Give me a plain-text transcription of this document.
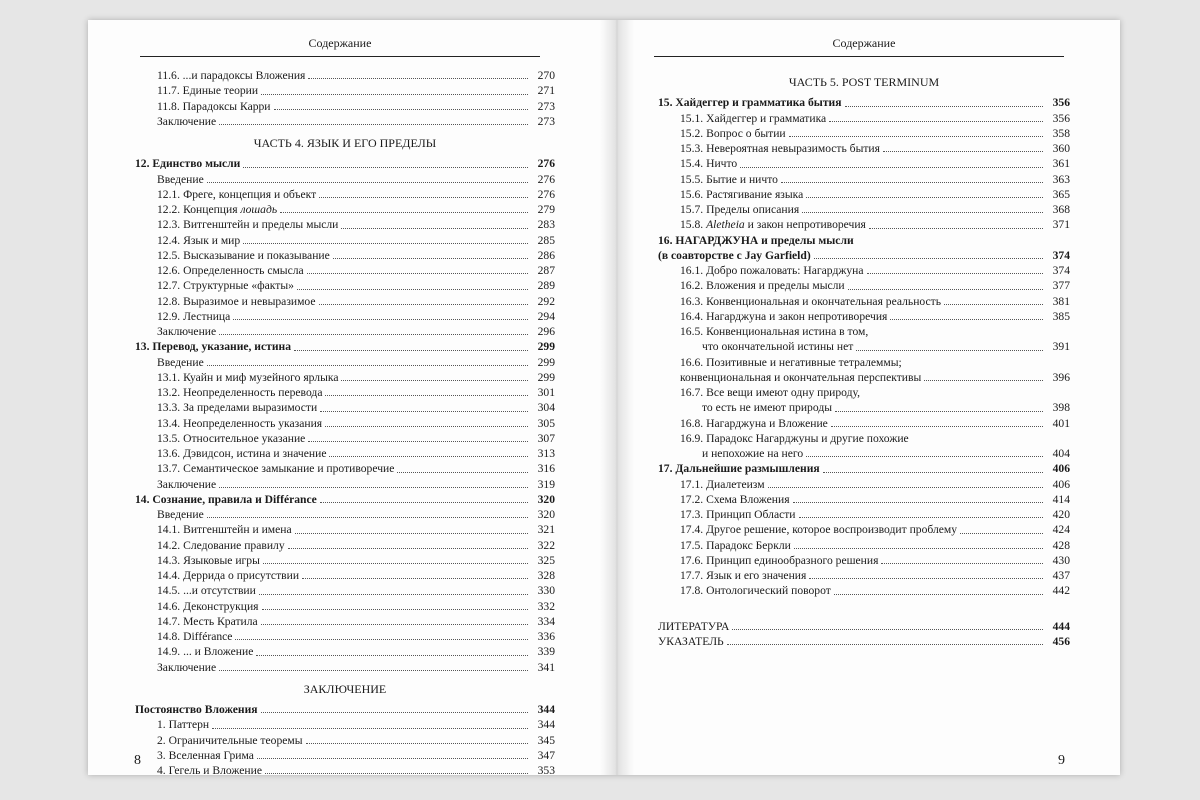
Содержание
11.6. ...и парадоксы Вложения	270
11.7. Единые теории	271
11.8. Парадоксы Карри	273
Заключение	273
ЧАСТЬ 4. ЯЗЫК И ЕГО ПРЕДЕЛЫ
12. Единство мысли	276
Введение	276
12.1. Фреге, концепция и объект	276
12.2. Концепция лошадь	279
12.3. Витгенштейн и пределы мысли	283
12.4. Язык и мир	285
12.5. Высказывание и показывание	286
12.6. Определенность смысла	287
12.7. Структурные «факты»	289
12.8. Выразимое и невыразимое	292
12.9. Лестница	294
Заключение	296
13. Перевод, указание, истина	299
Введение	299
13.1. Куайн и миф музейного ярлыка	299
13.2. Неопределенность перевода	301
13.3. За пределами выразимости	304
13.4. Неопределенность указания	305
13.5. Относительное указание	307
13.6. Дэвидсон, истина и значение	313
13.7. Семантическое замыкание и противоречие	316
Заключение	319
14. Сознание, правила и Différance	320
Введение	320
14.1. Витгенштейн и имена	321
14.2. Следование правилу	322
14.3. Языковые игры	325
14.4. Деррида о присутствии	328
14.5. ...и отсутствии	330
14.6. Деконструкция	332
14.7. Месть Кратила	334
14.8. Différance	336
14.9. ... и Вложение	339
Заключение	341
ЗАКЛЮЧЕНИЕ
Постоянство Вложения	344
1. Паттерн	344
2. Ограничительные теоремы	345
3. Вселенная Грима	347
4. Гегель и Вложение	353
8
Содержание
ЧАСТЬ 5. POST TERMINUM
15. Хайдеггер и грамматика бытия	356
15.1. Хайдеггер и грамматика	356
15.2. Вопрос о бытии	358
15.3. Невероятная невыразимость бытия	360
15.4. Ничто	361
15.5. Бытие и ничто	363
15.6. Растягивание языка	365
15.7. Пределы описания	368
15.8. Aletheia и закон непротиворечия	371
16. НАГАРДЖУНА и пределы мысли
(в соавторстве с Jay Garfield)	374
16.1. Добро пожаловать: Нагарджуна	374
16.2. Вложения и пределы мысли	377
16.3. Конвенциональная и окончательная реальность	381
16.4. Нагарджуна и закон непротиворечия	385
16.5. Конвенциональная истина в том,
что окончательной истины нет	391
16.6. Позитивные и негативные тетралеммы;
конвенциональная и окончательная перспективы	396
16.7. Все вещи имеют одну природу,
то есть не имеют природы	398
16.8. Нагарджуна и Вложение	401
16.9. Парадокс Нагарджуны и другие похожие
и непохожие на него	404
17. Дальнейшие размышления	406
17.1. Диалетеизм	406
17.2. Схема Вложения	414
17.3. Принцип Области	420
17.4. Другое решение, которое воспроизводит проблему	424
17.5. Парадокс Беркли	428
17.6. Принцип единообразного решения	430
17.7. Язык и его значения	437
17.8. Онтологический поворот	442
ЛИТЕРАТУРА	444
УКАЗАТЕЛЬ	456
9
